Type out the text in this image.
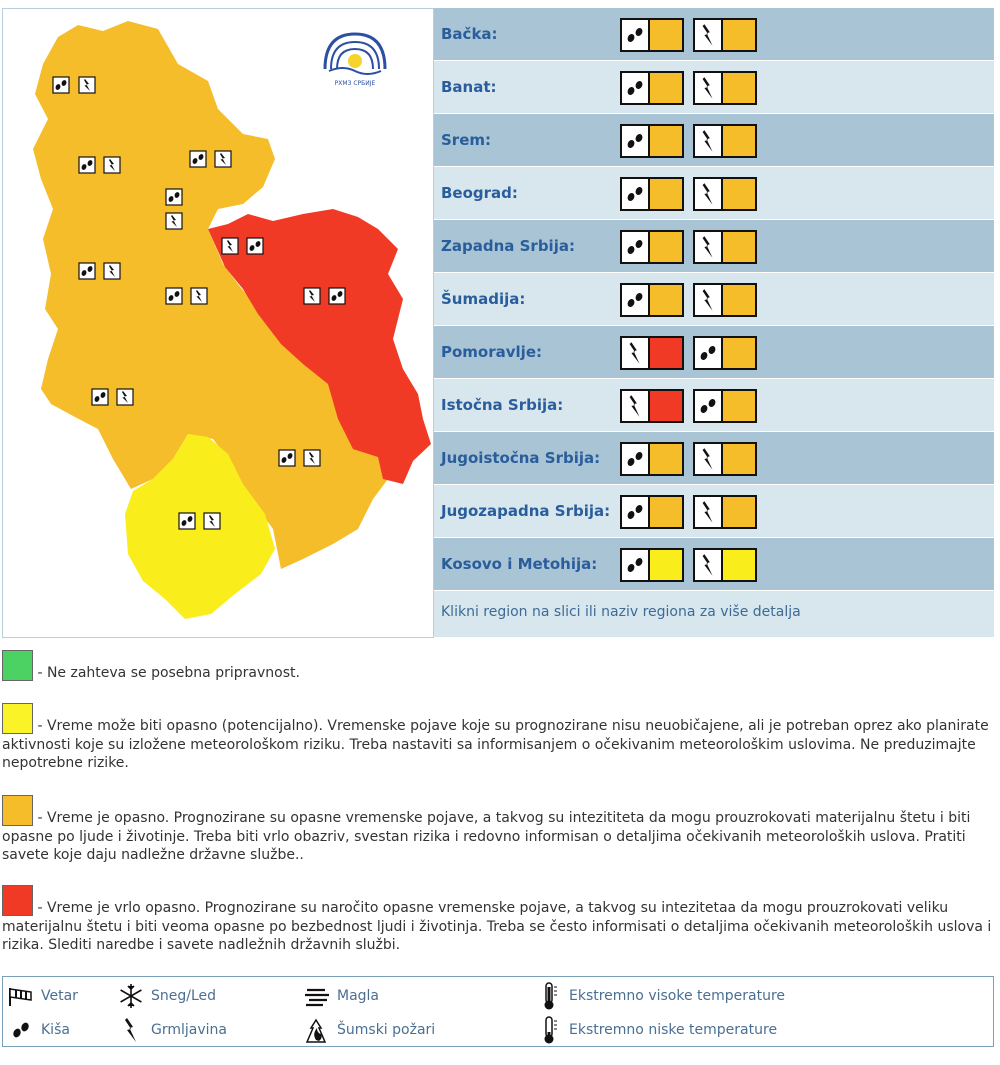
РХМЗ СРБИЈЕ
Bačka:
Banat:
Srem:
Beograd:
Zapadna Srbija:
Šumadija:
Pomoravlje:
Istočna Srbija:
Jugoistočna Srbija:
Jugozapadna Srbija:
Kosovo i Metohija:
Klikni region na slici ili naziv regiona za više detalja
- Ne zahteva se posebna pripravnost.
- Vreme može biti opasno (potencijalno). Vremenske pojave koje su prognozirane nisu neuobičajene, ali je potreban oprez ako planirate aktivnosti koje su izložene meteorološkom riziku. Treba nastaviti sa informisanjem o očekivanim meteorološkim uslovima. Ne preduzimajte nepotrebne rizike.
- Vreme je opasno. Prognozirane su opasne vremenske pojave, a takvog su intezititeta da mogu prouzrokovati materijalnu štetu i biti opasne po ljude i životinje. Treba biti vrlo obazriv, svestan rizika i redovno informisan o detaljima očekivanih meteoroloških uslova. Pratiti savete koje daju nadležne državne službe..
- Vreme je vrlo opasno. Prognozirane su naročito opasne vremenske pojave, a takvog su intezitetaa da mogu prouzrokovati veliku materijalnu štetu i biti veoma opasne po bezbednost ljudi i životinja. Treba se često informisati o detaljima očekivanih meteoroloških uslova i rizika. Slediti naredbe i savete nadležnih državnih službi.
Vetar
Kiša
Sneg/Led
Grmljavina
Magla
Šumski požari
Ekstremno visoke temperature
Ekstremno niske temperature
